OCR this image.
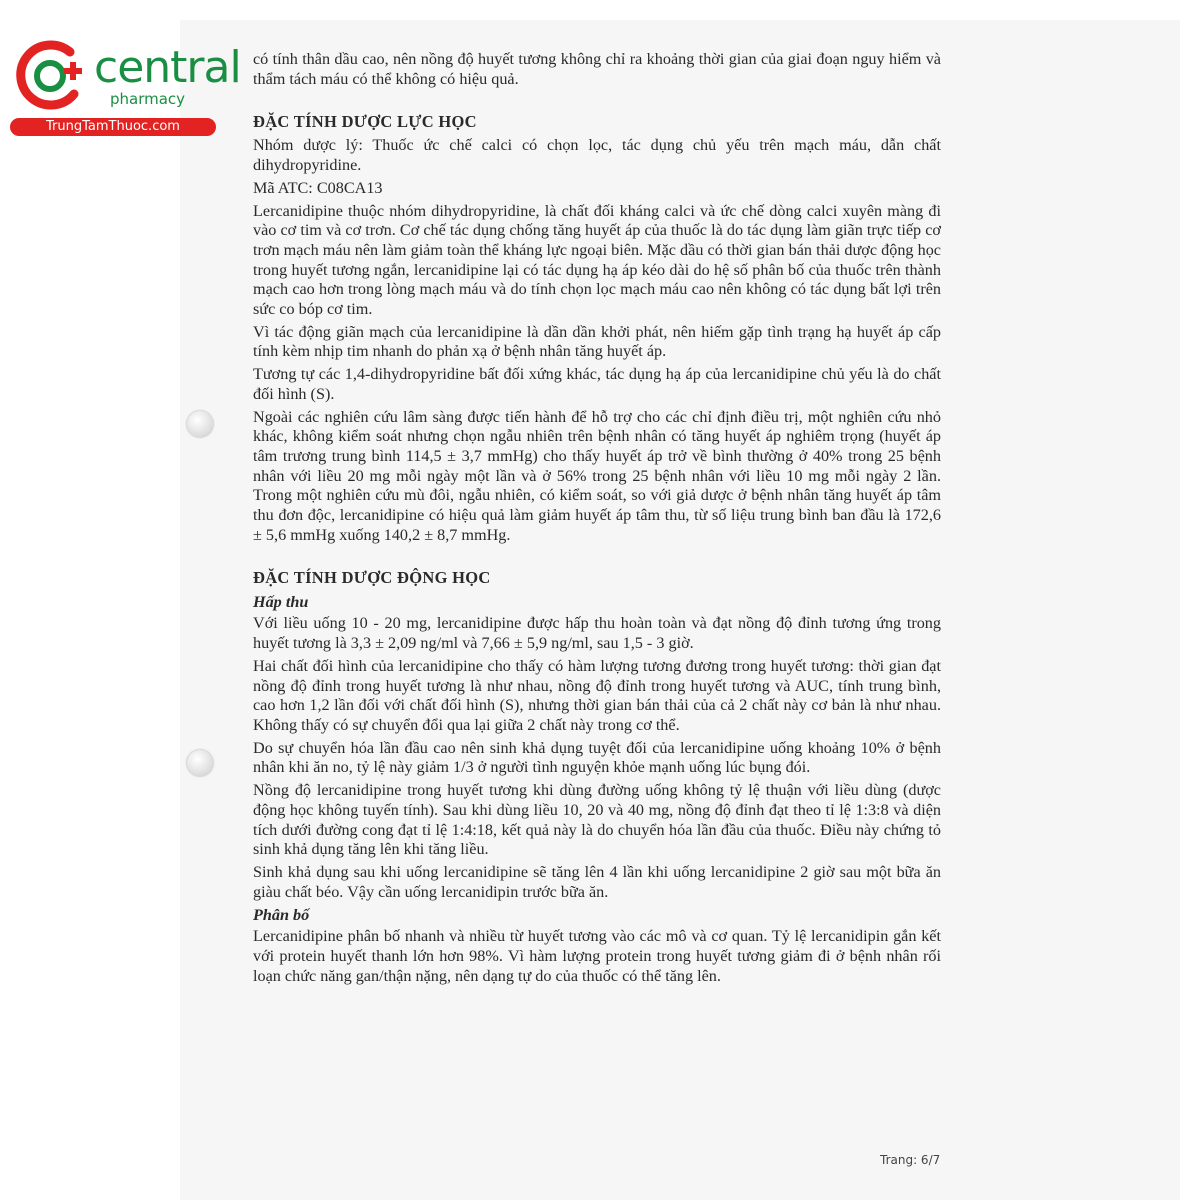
central
pharmacy
TrungTamThuoc.com

có tính thân dầu cao, nên nồng độ huyết tương không chỉ ra khoảng thời gian của giai đoạn nguy hiểm và thẩm tách máu có thể không có hiệu quả.

ĐẶC TÍNH DƯỢC LỰC HỌC

Nhóm dược lý: Thuốc ức chế calci có chọn lọc, tác dụng chủ yếu trên mạch máu, dẫn chất dihydropyridine.

Mã ATC: C08CA13

Lercanidipine thuộc nhóm dihydropyridine, là chất đối kháng calci và ức chế dòng calci xuyên màng đi vào cơ tim và cơ trơn. Cơ chế tác dụng chống tăng huyết áp của thuốc là do tác dụng làm giãn trực tiếp cơ trơn mạch máu nên làm giảm toàn thể kháng lực ngoại biên. Mặc dầu có thời gian bán thải dược động học trong huyết tương ngắn, lercanidipine lại có tác dụng hạ áp kéo dài do hệ số phân bố của thuốc trên thành mạch cao hơn trong lòng mạch máu và do tính chọn lọc mạch máu cao nên không có tác dụng bất lợi trên sức co bóp cơ tim.

Vì tác động giãn mạch của lercanidipine là dần dần khởi phát, nên hiếm gặp tình trạng hạ huyết áp cấp tính kèm nhịp tim nhanh do phản xạ ở bệnh nhân tăng huyết áp.

Tương tự các 1,4-dihydropyridine bất đối xứng khác, tác dụng hạ áp của lercanidipine chủ yếu là do chất đối hình (S).

Ngoài các nghiên cứu lâm sàng được tiến hành để hỗ trợ cho các chỉ định điều trị, một nghiên cứu nhỏ khác, không kiểm soát nhưng chọn ngẫu nhiên trên bệnh nhân có tăng huyết áp nghiêm trọng (huyết áp tâm trương trung bình 114,5 ± 3,7 mmHg) cho thấy huyết áp trở về bình thường ở 40% trong 25 bệnh nhân với liều 20 mg mỗi ngày một lần và ở 56% trong 25 bệnh nhân với liều 10 mg mỗi ngày 2 lần. Trong một nghiên cứu mù đôi, ngẫu nhiên, có kiểm soát, so với giả dược ở bệnh nhân tăng huyết áp tâm thu đơn độc, lercanidipine có hiệu quả làm giảm huyết áp tâm thu, từ số liệu trung bình ban đầu là 172,6 ± 5,6 mmHg xuống 140,2 ± 8,7 mmHg.

ĐẶC TÍNH DƯỢC ĐỘNG HỌC
Hấp thu

Với liều uống 10 - 20 mg, lercanidipine được hấp thu hoàn toàn và đạt nồng độ đỉnh tương ứng trong huyết tương là 3,3 ± 2,09 ng/ml và 7,66 ± 5,9 ng/ml, sau 1,5 - 3 giờ.

Hai chất đối hình của lercanidipine cho thấy có hàm lượng tương đương trong huyết tương: thời gian đạt nồng độ đỉnh trong huyết tương là như nhau, nồng độ đỉnh trong huyết tương và AUC, tính trung bình, cao hơn 1,2 lần đối với chất đối hình (S), nhưng thời gian bán thải của cả 2 chất này cơ bản là như nhau. Không thấy có sự chuyển đổi qua lại giữa 2 chất này trong cơ thể.

Do sự chuyển hóa lần đầu cao nên sinh khả dụng tuyệt đối của lercanidipine uống khoảng 10% ở bệnh nhân khi ăn no, tỷ lệ này giảm 1/3 ở người tình nguyện khỏe mạnh uống lúc bụng đói.

Nồng độ lercanidipine trong huyết tương khi dùng đường uống không tỷ lệ thuận với liều dùng (dược động học không tuyến tính). Sau khi dùng liều 10, 20 và 40 mg, nồng độ đỉnh đạt theo tỉ lệ 1:3:8 và diện tích dưới đường cong đạt tỉ lệ 1:4:18, kết quả này là do chuyển hóa lần đầu của thuốc. Điều này chứng tỏ sinh khả dụng tăng lên khi tăng liều.

Sinh khả dụng sau khi uống lercanidipine sẽ tăng lên 4 lần khi uống lercanidipine 2 giờ sau một bữa ăn giàu chất béo. Vậy cần uống lercanidipin trước bữa ăn.

Phân bố

Lercanidipine phân bố nhanh và nhiều từ huyết tương vào các mô và cơ quan. Tỷ lệ lercanidipin gắn kết với protein huyết thanh lớn hơn 98%. Vì hàm lượng protein trong huyết tương giảm đi ở bệnh nhân rối loạn chức năng gan/thận nặng, nên dạng tự do của thuốc có thể tăng lên.

Trang: 6/7
